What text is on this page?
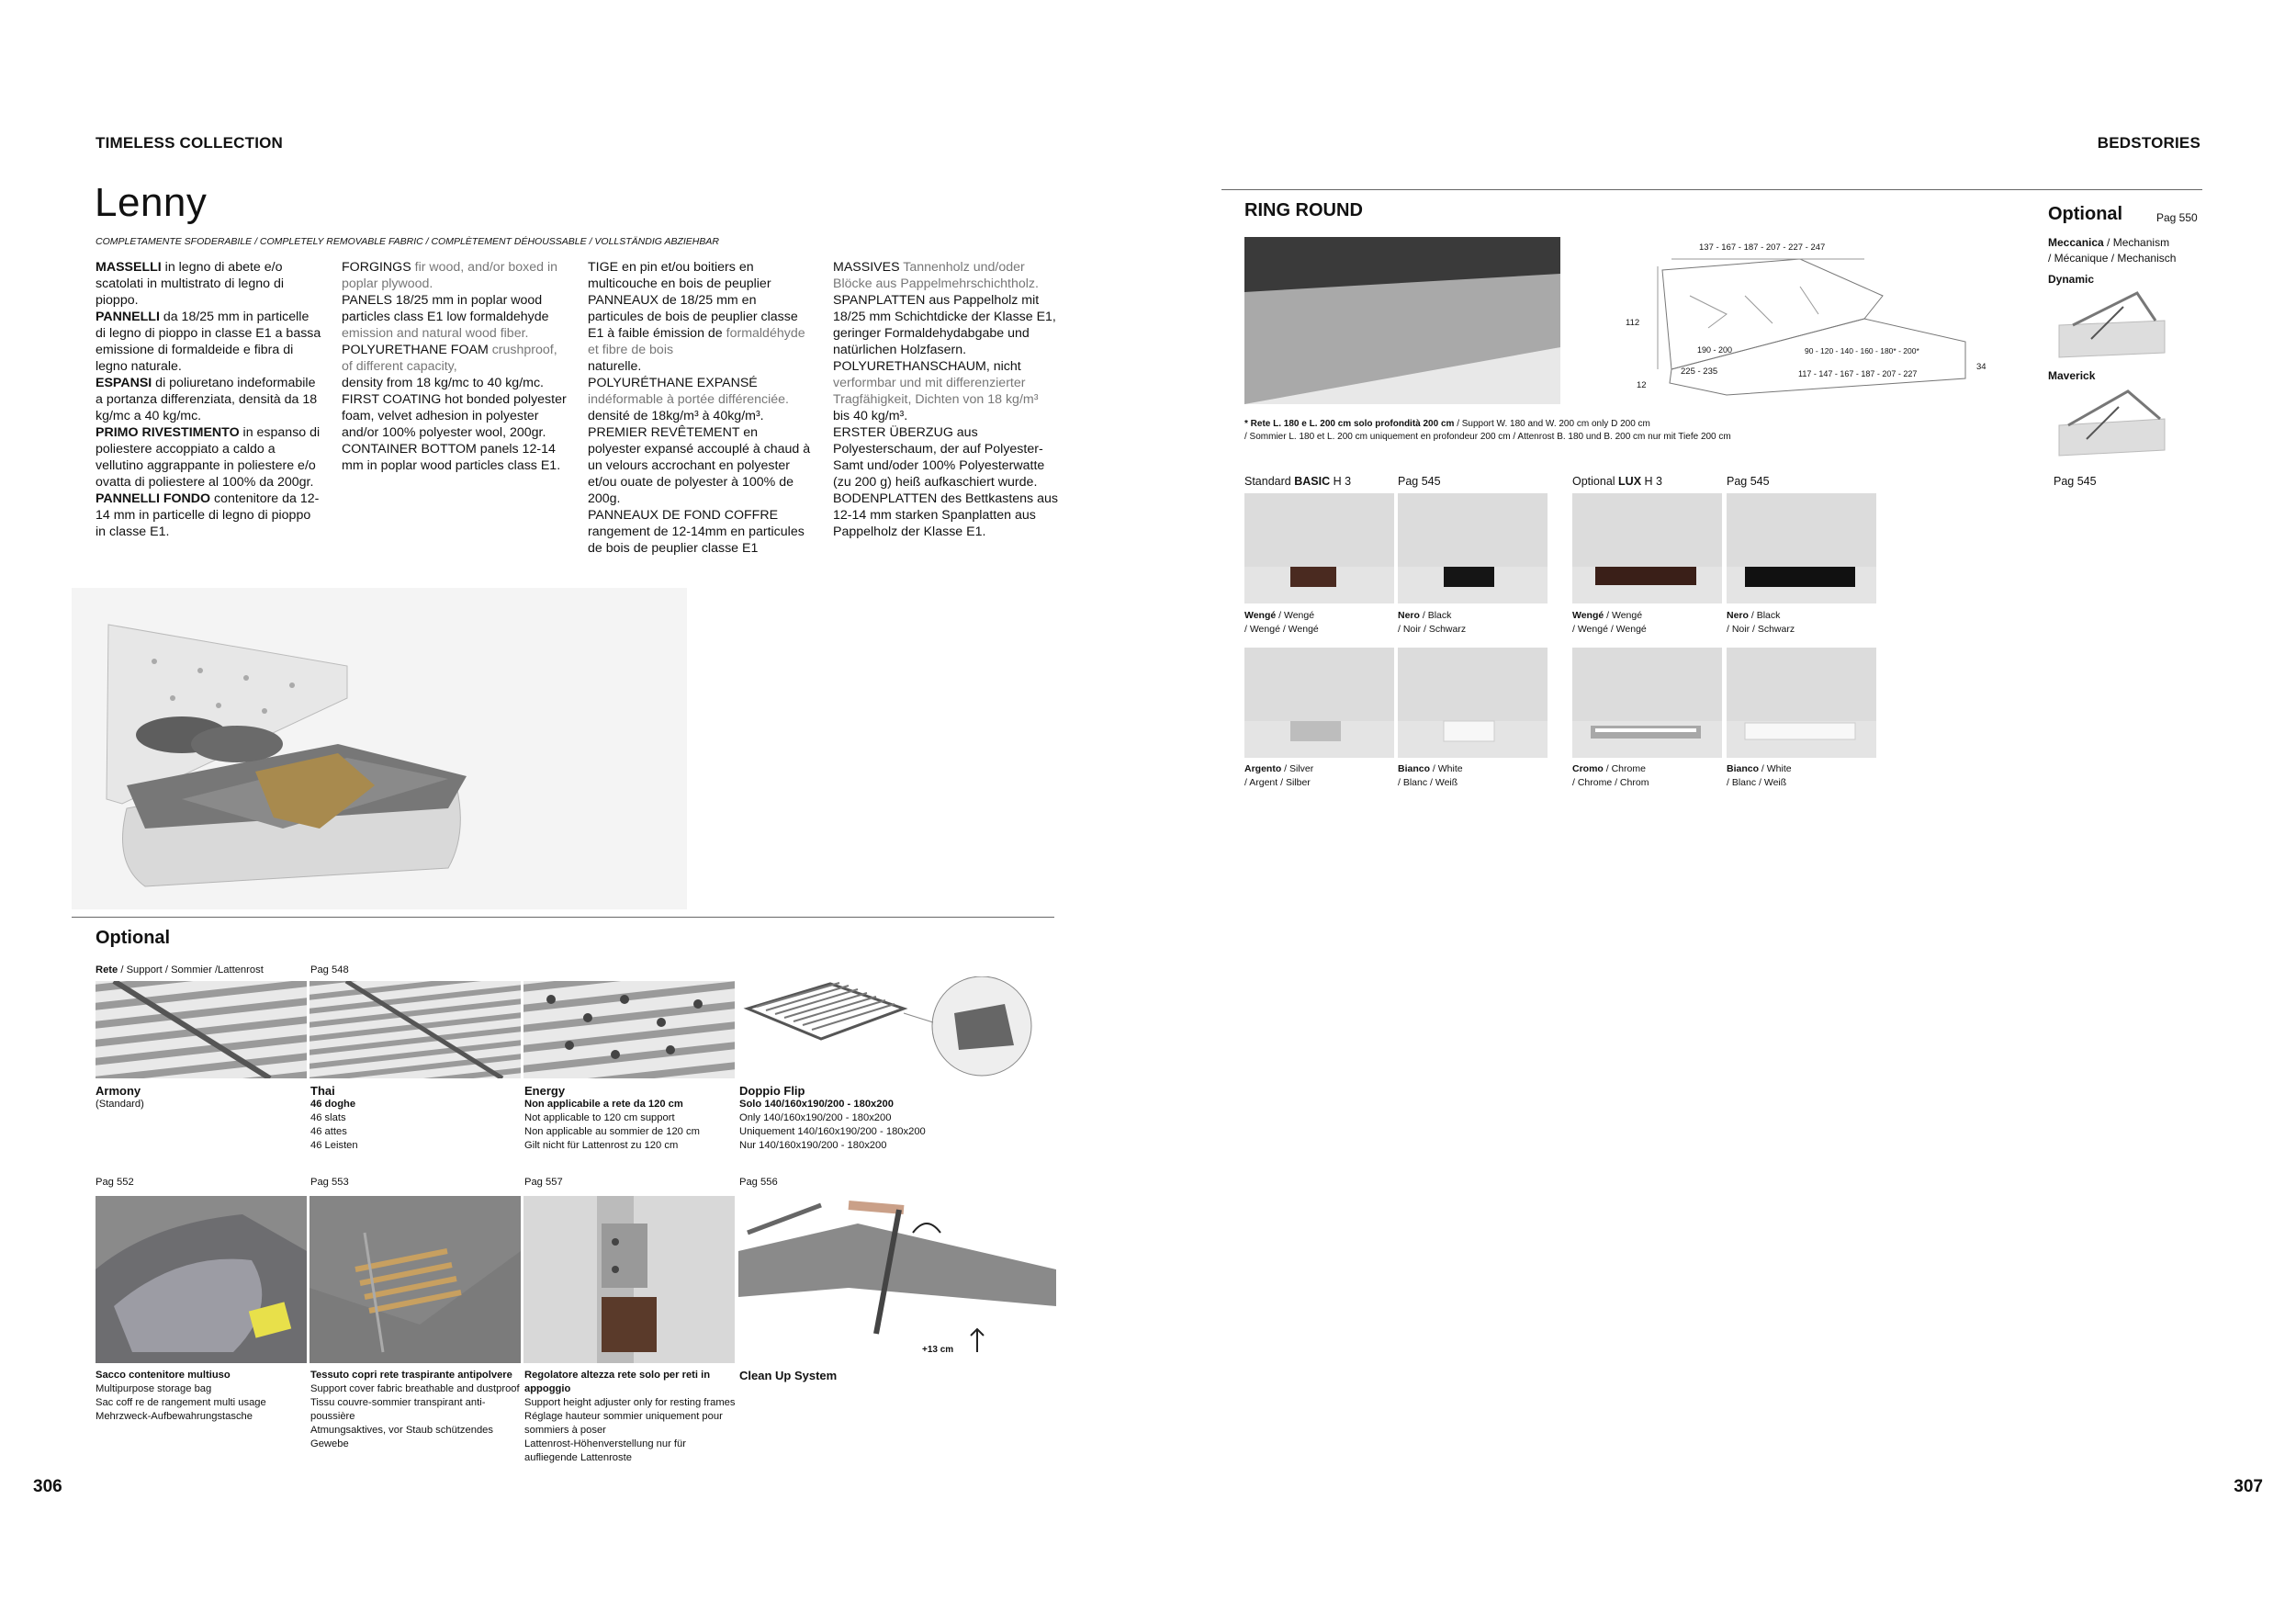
TIMELESS COLLECTION	BEDSTORIES
Lenny
COMPLETAMENTE SFODERABILE / COMPLETELY REMOVABLE FABRIC / COMPLÈTEMENT DÉHOUSSABLE / VOLLSTÄNDIG ABZIEHBAR

MASSELLI in legno di abete e/o scatolati in multistrato di legno di pioppo.

PANNELLI da 18/25 mm in particelle di legno di pioppo in classe E1 a bassa emissione di formaldeide e fibra di legno naturale.

ESPANSI di poliuretano indeformabile a portanza differenziata, densità da 18 kg/mc a 40 kg/mc.

PRIMO RIVESTIMENTO in espanso di poliestere accoppiato a caldo a vellutino aggrappante in poliestere e/o ovatta di poliestere al 100% da 200gr.

PANNELLI FONDO contenitore da 12-14 mm in particelle di legno di pioppo in classe E1.

FORGINGS fir wood, and/or boxed in poplar plywood.

PANELS 18/25 mm in poplar wood particles class E1 low formaldehyde emission and natural wood fiber.

POLYURETHANE FOAM crushproof, of different capacity,

density from 18 kg/mc to 40 kg/mc.

FIRST COATING hot bonded polyester foam, velvet adhesion in polyester and/or 100% polyester wool, 200gr.

CONTAINER BOTTOM panels 12-14 mm in poplar wood particles class E1.

TIGE en pin et/ou boitiers en multicouche en bois de peuplier

PANNEAUX de 18/25 mm en particules de bois de peuplier classe E1 à faible émission de formaldéhyde et fibre de bois

naturelle.

POLYURÉTHANE EXPANSÉ indéformable à portée différenciée.

densité de 18kg/m³ à 40kg/m³.

PREMIER REVÊTEMENT en polyester expansé accouplé à chaud à un velours accrochant en polyester et/ou ouate de polyester à 100% de 200g.

PANNEAUX DE FOND COFFRE rangement de 12-14mm en particules de bois de peuplier classe E1

MASSIVES Tannenholz und/oder Blöcke aus Pappelmehrschichtholz.

SPANPLATTEN aus Pappelholz mit 18/25 mm Schichtdicke der Klasse E1, geringer Formaldehydabgabe und natürlichen Holzfasern.

POLYURETHANSCHAUM, nicht verformbar und mit differenzierter Tragfähigkeit, Dichten von 18 kg/m³

bis 40 kg/m³.

ERSTER ÜBERZUG aus Polyesterschaum, der auf Polyester-Samt und/oder 100% Polyesterwatte (zu 200 g) heiß aufkaschiert wurde.

BODENPLATTEN des Bettkastens aus 12-14 mm starken Spanplatten aus Pappelholz der Klasse E1.

Optional
Rete / Support / Sommier /Lattenrost	Pag 548

Armony

(Standard)

Thai

46 doghe

46 slats

46 attes

46 Leisten

Energy

Non applicabile a rete da 120 cm

Not applicable to 120 cm support

Non applicable au sommier de 120 cm

Gilt nicht für Lattenrost zu 120 cm

Doppio Flip

Solo 140/160x190/200 - 180x200

Only 140/160x190/200 - 180x200

Uniquement 140/160x190/200 - 180x200

Nur 140/160x190/200 - 180x200

Pag 552	Pag 553	Pag 557	Pag 556
+13 cm

Sacco contenitore multiuso

Multipurpose storage bag

Sac coff re de rangement multi usage

Mehrzweck-Aufbewahrungstasche

Tessuto copri rete traspirante antipolvere

Support cover fabric breathable and dustproof

Tissu couvre-sommier transpirant anti-

poussière

Atmungsaktives, vor Staub schützendes

Gewebe

Regolatore altezza rete solo per reti in

appoggio

Support height adjuster only for resting frames

Réglage hauteur sommier uniquement pour

sommiers à poser

Lattenrost-Höhenverstellung nur für

aufliegende Lattenroste

Clean Up System

306	307
RING ROUND
137 - 167 - 187 - 207 - 227 - 247
112
190 - 200	90 - 120 - 140 - 160 - 180* - 200*
225 - 235	117 - 147 - 167 - 187 - 207 - 227
34
12

* Rete L. 180 e L. 200 cm solo profondità 200 cm / Support W. 180 and W. 200 cm only D 200 cm

/ Sommier L. 180 et L. 200 cm uniquement en profondeur 200 cm / Attenrost B. 180 und B. 200 cm nur mit Tiefe 200 cm

Standard BASIC H 3	Pag 545	Optional LUX H 3	Pag 545

Wengé / Wengé

/ Wengé / Wengé

Nero / Black

/ Noir / Schwarz

Wengé / Wengé

/ Wengé / Wengé

Nero / Black

/ Noir / Schwarz

Argento / Silver

/ Argent / Silber

Bianco / White

/ Blanc / Weiß

Cromo / Chrome

/ Chrome / Chrom

Bianco / White

/ Blanc / Weiß

Optional	Pag 550

Meccanica / Mechanism

/ Mécanique / Mechanisch

Dynamic
Maverick
Pag 545
